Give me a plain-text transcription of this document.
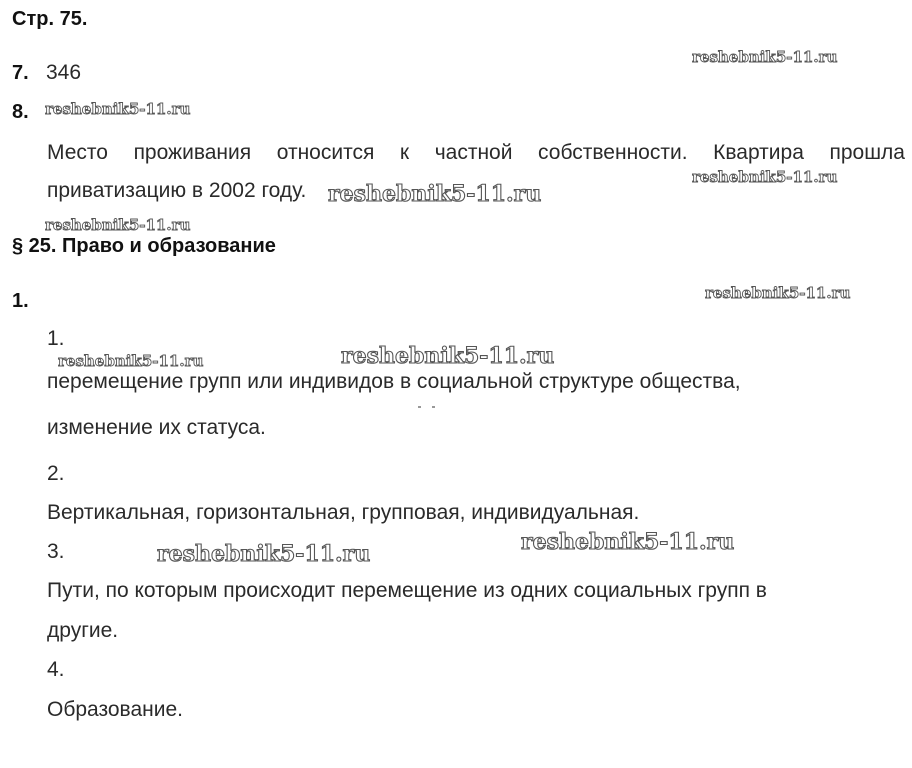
Стр. 75.
7. 346
8.
Место проживания относится к частной собственности. Квартира прошла
приватизацию в 2002 году.
§ 25. Право и образование
1.
1.
перемещение групп или индивидов в социальной структуре общества,
изменение их статуса.
2.
Вертикальная, горизонтальная, групповая, индивидуальная.
3.
Пути, по которым происходит перемещение из одних социальных групп в
другие.
4.
Образование.
reshebnik5-11.ru
reshebnik5-11.ru
reshebnik5-11.ru
reshebnik5-11.ru
reshebnik5-11.ru
reshebnik5-11.ru
reshebnik5-11.ru	reshebnik5-11.ru
reshebnik5-11.ru	reshebnik5-11.ru
